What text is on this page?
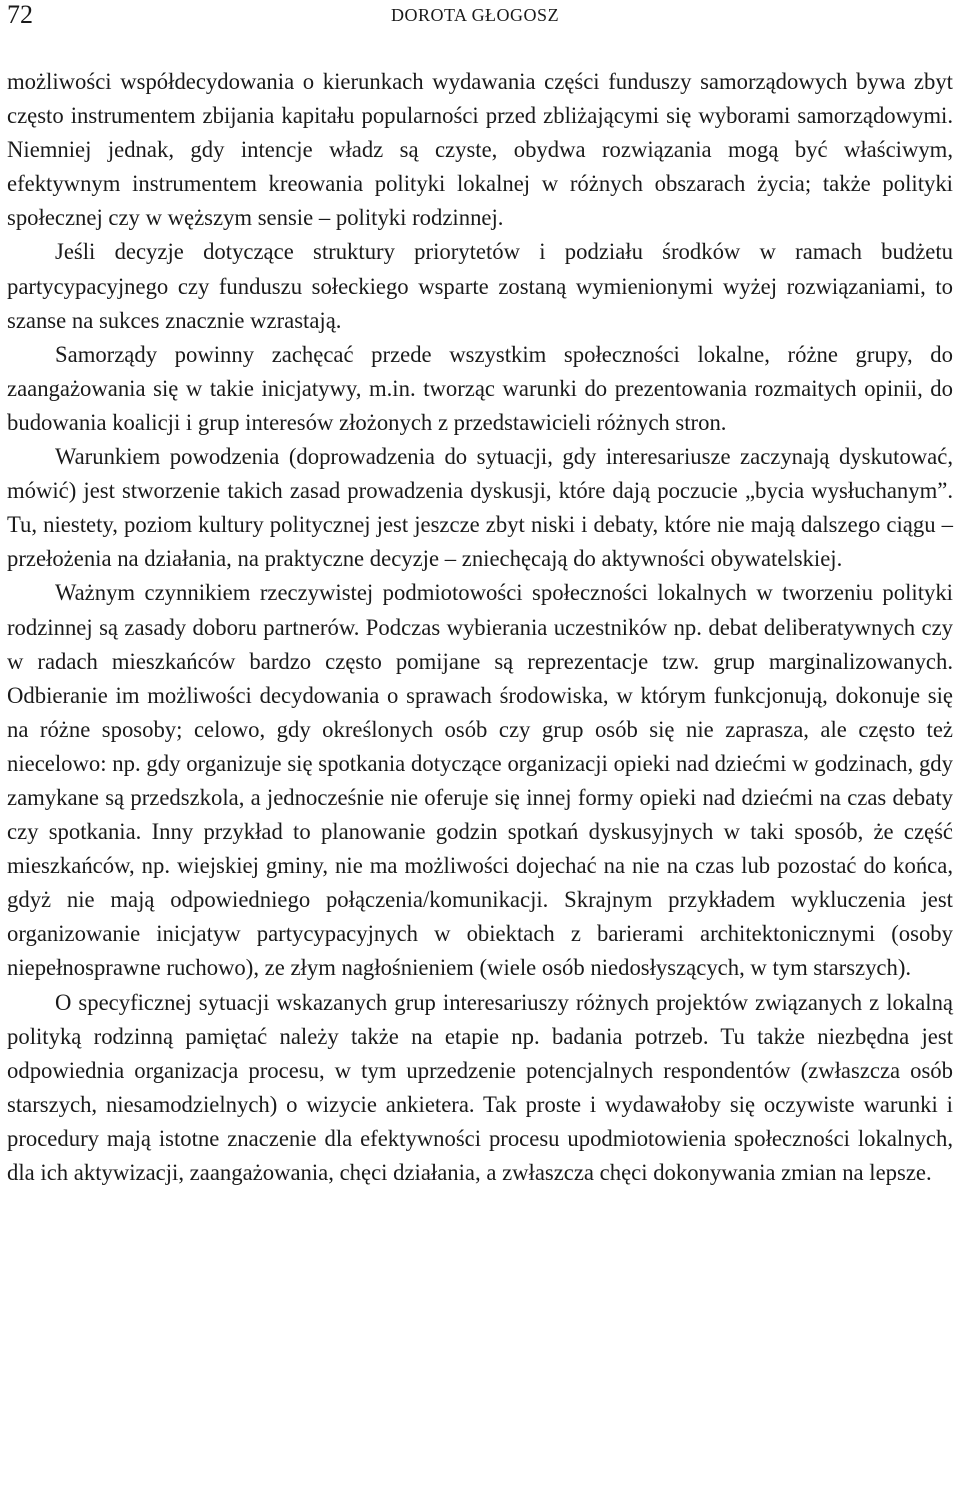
72	DOROTA GŁOGOSZ

możliwości współdecydowania o kierunkach wydawania części funduszy samorządowych bywa zbyt często instrumentem zbijania kapitału popularności przed zbliżającymi się wyborami samorządowymi. Niemniej jednak, gdy intencje władz są czyste, obydwa rozwiązania mogą być właściwym, efektywnym instrumentem kreowania polityki lokalnej w różnych obszarach życia; także polityki społecznej czy w węższym sensie – polityki rodzinnej.

Jeśli decyzje dotyczące struktury priorytetów i podziału środków w ramach budżetu partycypacyjnego czy funduszu sołeckiego wsparte zostaną wymienionymi wyżej rozwiązaniami, to szanse na sukces znacznie wzrastają.

Samorządy powinny zachęcać przede wszystkim społeczności lokalne, różne grupy, do zaangażowania się w takie inicjatywy, m.in. tworząc warunki do prezentowania rozmaitych opinii, do budowania koalicji i grup interesów złożonych z przedstawicieli różnych stron.

Warunkiem powodzenia (doprowadzenia do sytuacji, gdy interesariusze zaczynają dyskutować, mówić) jest stworzenie takich zasad prowadzenia dyskusji, które dają poczucie „bycia wysłuchanym”. Tu, niestety, poziom kultury politycznej jest jeszcze zbyt niski i debaty, które nie mają dalszego ciągu – przełożenia na działania, na praktyczne decyzje – zniechęcają do aktywności obywatelskiej.

Ważnym czynnikiem rzeczywistej podmiotowości społeczności lokalnych w tworzeniu polityki rodzinnej są zasady doboru partnerów. Podczas wybierania uczestników np. debat deliberatywnych czy w radach mieszkańców bardzo często pomijane są reprezentacje tzw. grup marginalizowanych. Odbieranie im możliwości decydowania o sprawach środowiska, w którym funkcjonują, dokonuje się na różne sposoby; celowo, gdy określonych osób czy grup osób się nie zaprasza, ale często też niecelowo: np. gdy organizuje się spotkania dotyczące organizacji opieki nad dziećmi w godzinach, gdy zamykane są przedszkola, a jednocześnie nie oferuje się innej formy opieki nad dziećmi na czas debaty czy spotkania. Inny przykład to planowanie godzin spotkań dyskusyjnych w taki sposób, że część mieszkańców, np. wiejskiej gminy, nie ma możliwości dojechać na nie na czas lub pozostać do końca, gdyż nie mają odpowiedniego połączenia/komunikacji. Skrajnym przykładem wykluczenia jest organizowanie inicjatyw partycypacyjnych w obiektach z barierami architektonicznymi (osoby niepełnosprawne ruchowo), ze złym nagłośnieniem (wiele osób niedosłyszących, w tym starszych).

O specyficznej sytuacji wskazanych grup interesariuszy różnych projektów związanych z lokalną polityką rodzinną pamiętać należy także na etapie np. badania potrzeb. Tu także niezbędna jest odpowiednia organizacja procesu, w tym uprzedzenie potencjalnych respondentów (zwłaszcza osób starszych, niesamodzielnych) o wizycie ankietera. Tak proste i wydawałoby się oczywiste warunki i procedury mają istotne znaczenie dla efektywności procesu upodmiotowienia społeczności lokalnych, dla ich aktywizacji, zaangażowania, chęci działania, a zwłaszcza chęci dokonywania zmian na lepsze.
